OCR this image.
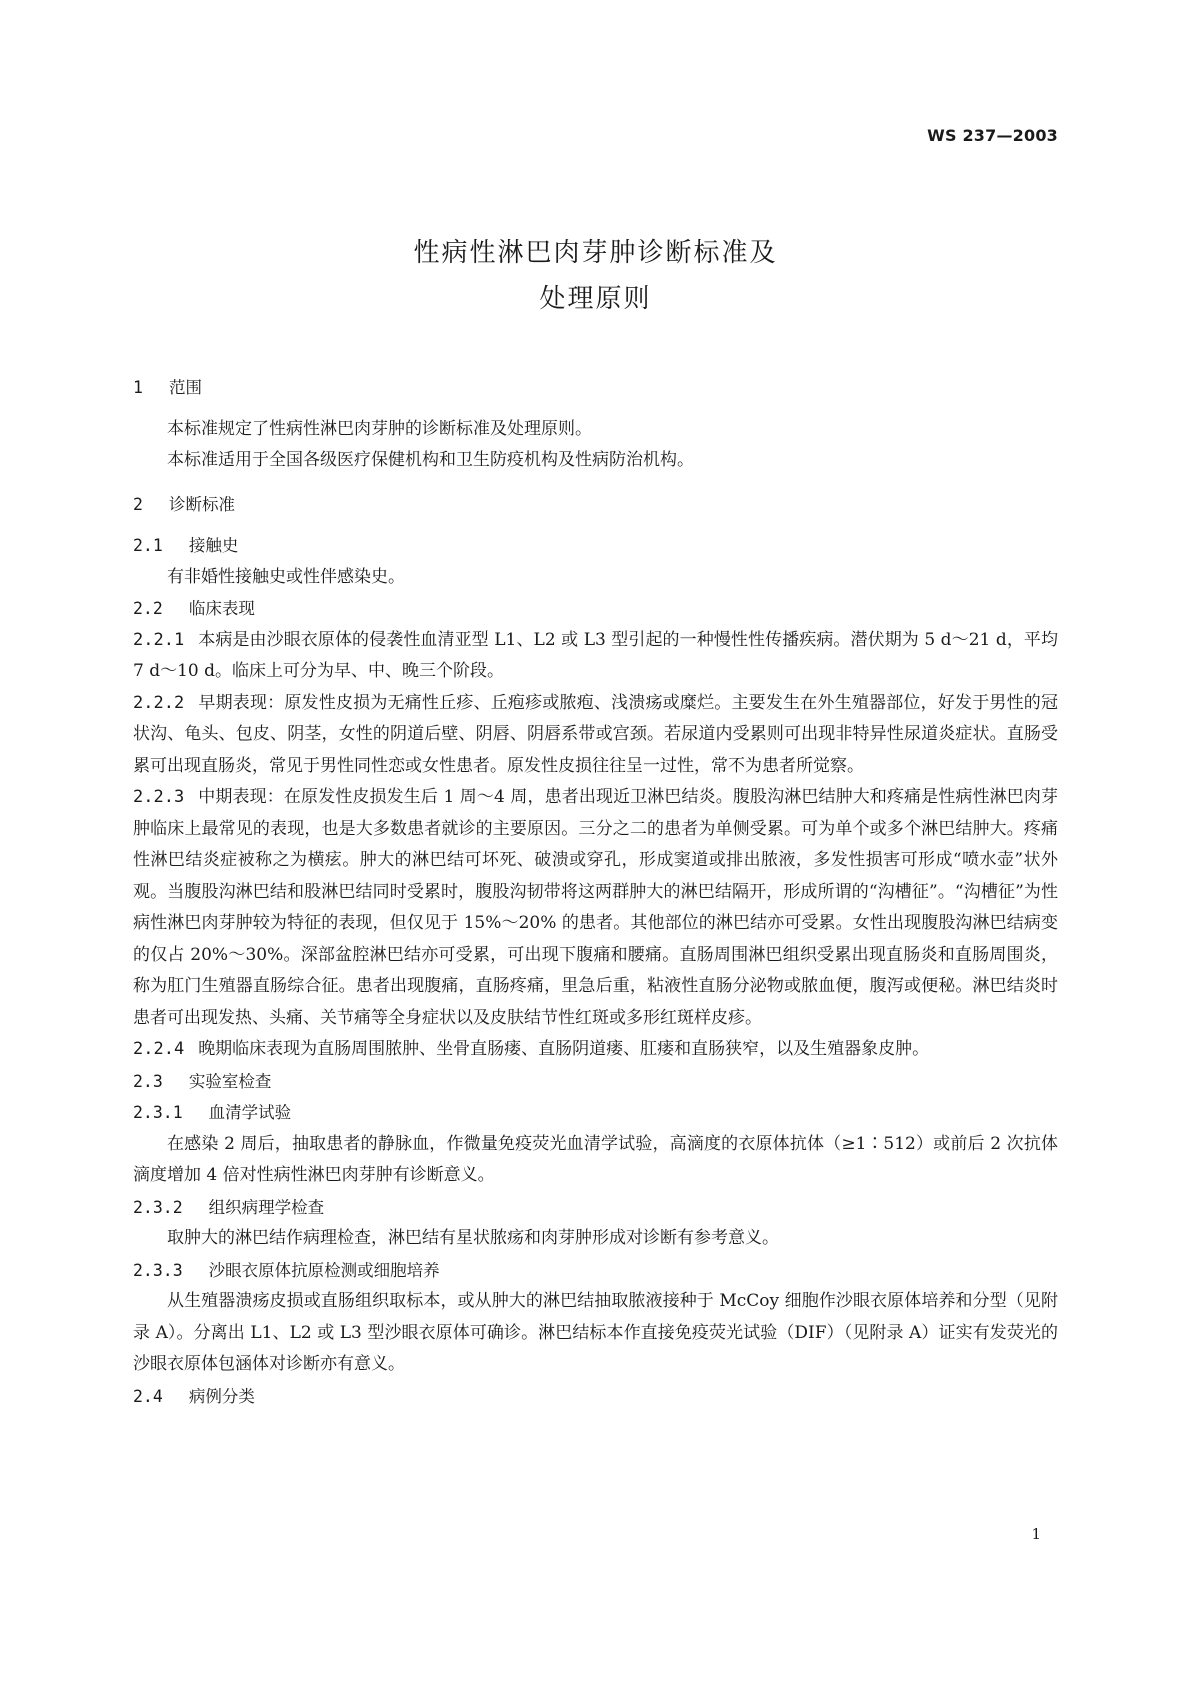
WS 237—2003
性病性淋巴肉芽肿诊断标准及
处理原则
1 范围
本标准规定了性病性淋巴肉芽肿的诊断标准及处理原则。
本标准适用于全国各级医疗保健机构和卫生防疫机构及性病防治机构。
2 诊断标准
2.1 接触史
有非婚性接触史或性伴感染史。
2.2 临床表现
2.2.1 本病是由沙眼衣原体的侵袭性血清亚型 L1、L2 或 L3 型引起的一种慢性性传播疾病。潜伏期为 5 d～21 d，平均 7 d～10 d。临床上可分为早、中、晚三个阶段。
2.2.2 早期表现：原发性皮损为无痛性丘疹、丘疱疹或脓疱、浅溃疡或糜烂。主要发生在外生殖器部位，好发于男性的冠状沟、龟头、包皮、阴茎，女性的阴道后壁、阴唇、阴唇系带或宫颈。若尿道内受累则可出现非特异性尿道炎症状。直肠受累可出现直肠炎，常见于男性同性恋或女性患者。原发性皮损往往呈一过性，常不为患者所觉察。
2.2.3 中期表现：在原发性皮损发生后 1 周～4 周，患者出现近卫淋巴结炎。腹股沟淋巴结肿大和疼痛是性病性淋巴肉芽肿临床上最常见的表现，也是大多数患者就诊的主要原因。三分之二的患者为单侧受累。可为单个或多个淋巴结肿大。疼痛性淋巴结炎症被称之为横痃。肿大的淋巴结可坏死、破溃或穿孔，形成窦道或排出脓液，多发性损害可形成“喷水壶”状外观。当腹股沟淋巴结和股淋巴结同时受累时，腹股沟韧带将这两群肿大的淋巴结隔开，形成所谓的“沟槽征”。“沟槽征”为性病性淋巴肉芽肿较为特征的表现，但仅见于 15%～20% 的患者。其他部位的淋巴结亦可受累。女性出现腹股沟淋巴结病变的仅占 20%～30%。深部盆腔淋巴结亦可受累，可出现下腹痛和腰痛。直肠周围淋巴组织受累出现直肠炎和直肠周围炎，称为肛门生殖器直肠综合征。患者出现腹痛，直肠疼痛，里急后重，粘液性直肠分泌物或脓血便，腹泻或便秘。淋巴结炎时患者可出现发热、头痛、关节痛等全身症状以及皮肤结节性红斑或多形红斑样皮疹。
2.2.4 晚期临床表现为直肠周围脓肿、坐骨直肠瘘、直肠阴道瘘、肛瘘和直肠狭窄，以及生殖器象皮肿。
2.3 实验室检查
2.3.1 血清学试验
在感染 2 周后，抽取患者的静脉血，作微量免疫荧光血清学试验，高滴度的衣原体抗体（≥1∶512）或前后 2 次抗体滴度增加 4 倍对性病性淋巴肉芽肿有诊断意义。
2.3.2 组织病理学检查
取肿大的淋巴结作病理检查，淋巴结有星状脓疡和肉芽肿形成对诊断有参考意义。
2.3.3 沙眼衣原体抗原检测或细胞培养
从生殖器溃疡皮损或直肠组织取标本，或从肿大的淋巴结抽取脓液接种于 McCoy 细胞作沙眼衣原体培养和分型（见附录 A）。分离出 L1、L2 或 L3 型沙眼衣原体可确诊。淋巴结标本作直接免疫荧光试验（DIF）（见附录 A）证实有发荧光的沙眼衣原体包涵体对诊断亦有意义。
2.4 病例分类
1
